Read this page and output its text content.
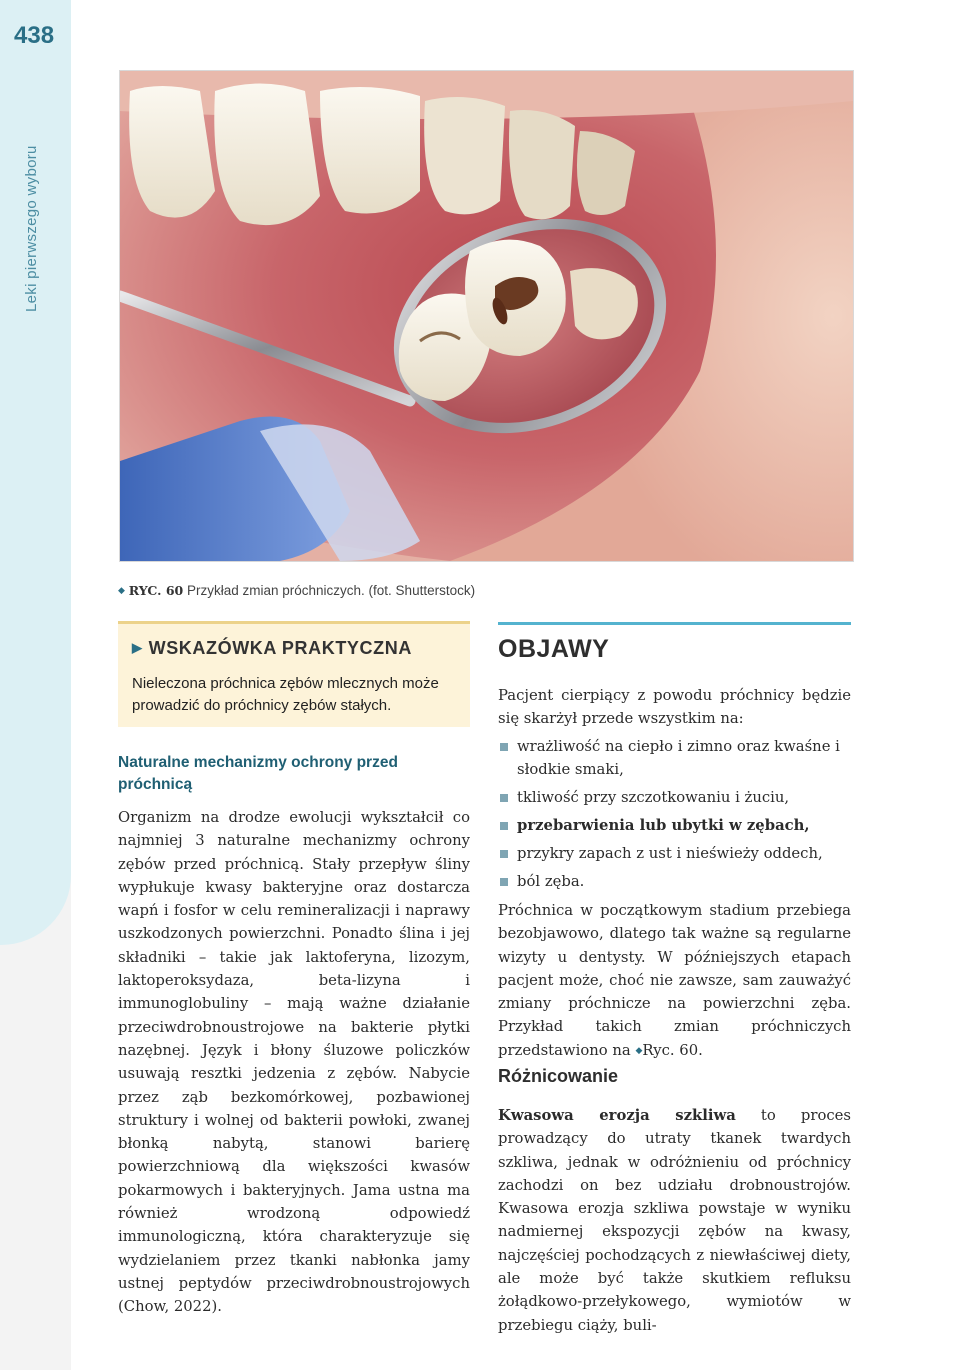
438
Leki pierwszego wyboru
◆ RYC. 60 Przykład zmian próchniczych. (fot. Shutterstock)
▶ WSKAZÓWKA PRAKTYCZNA
Nieleczona próchnica zębów mlecznych może prowadzić do próchnicy zębów stałych.
Naturalne mechanizmy ochrony przed próchnicą

Organizm na drodze ewolucji wykształcił co najmniej 3 naturalne mechanizmy ochrony zębów przed próchnicą. Stały przepływ śliny wypłukuje kwasy bakteryjne oraz dostarcza wapń i fosfor w celu remineralizacji i naprawy uszkodzonych powierzchni. Ponadto ślina i jej składniki – takie jak laktoferyna, lizozym, laktoperoksydaza, beta-lizyna i immunoglobuliny – mają ważne działanie przeciwdrobnoustrojowe na bakterie płytki nazębnej. Język i błony śluzowe policzków usuwają resztki jedzenia z zębów. Nabycie przez ząb bezkomórkowej, pozbawionej struktury i wolnej od bakterii powłoki, zwanej błonką nabytą, stanowi barierę powierzchniową dla większości kwasów pokarmowych i bakteryjnych. Jama ustna ma również wrodzoną odpowiedź immunologiczną, która charakteryzuje się wydzielaniem przez tkanki nabłonka jamy ustnej peptydów przeciwdrobnoustrojowych (Chow, 2022).

OBJAWY

Pacjent cierpiący z powodu próchnicy będzie się skarżył przede wszystkim na:

wrażliwość na ciepło i zimno oraz kwaśne i słodkie smaki,
tkliwość przy szczotkowaniu i żuciu,
przebarwienia lub ubytki w zębach,
przykry zapach z ust i nieświeży oddech,
ból zęba.

Próchnica w początkowym stadium przebiega bezobjawowo, dlatego tak ważne są regularne wizyty u dentysty. W późniejszych etapach pacjent może, choć nie zawsze, sam zauważyć zmiany próchnicze na powierzchni zęba. Przykład takich zmian próchniczych przedstawiono na ◆Ryc. 60.

Różnicowanie

Kwasowa erozja szkliwa to proces prowadzący do utraty tkanek twardych szkliwa, jednak w odróżnieniu od próchnicy zachodzi on bez udziału drobnoustrojów. Kwasowa erozja szkliwa powstaje w wyniku nadmiernej ekspozycji zębów na kwasy, najczęściej pochodzących z niewłaściwej diety, ale może być także skutkiem refluksu żołądkowo-przełykowego, wymiotów w przebiegu ciąży, buli-
